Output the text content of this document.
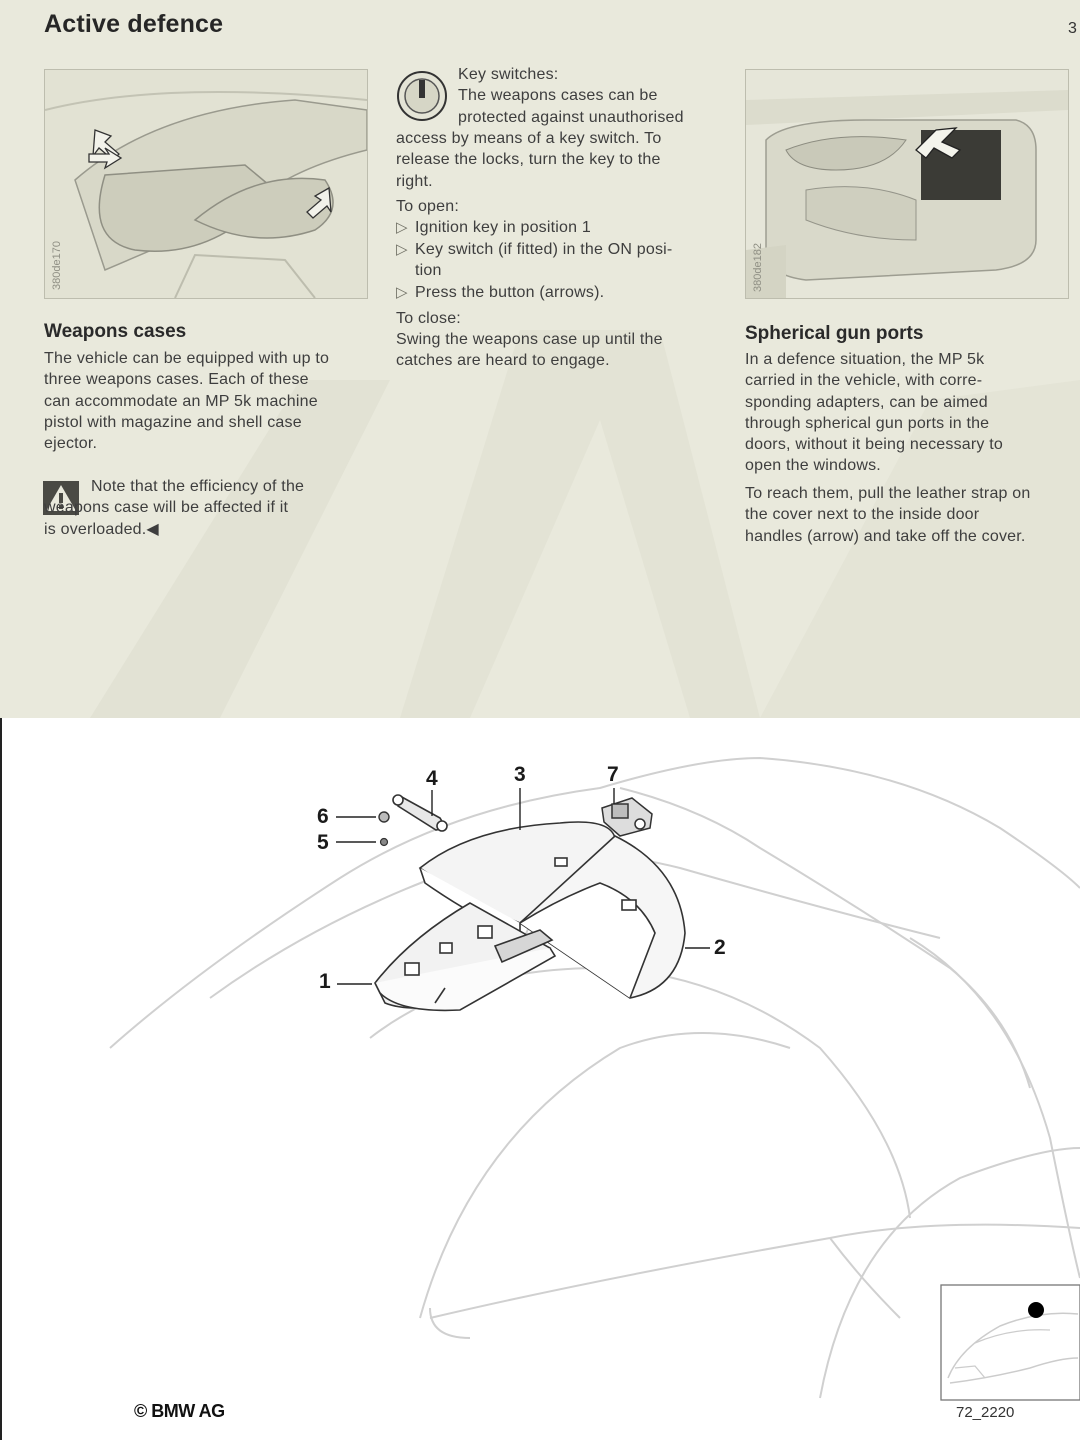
Active defence	3
380de170	380de182
Weapons cases
The vehicle can be equipped with up to
three weapons cases. Each of these
can accommodate an MP 5k machine
pistol with magazine and shell case
ejector.
Note that the efficiency of the
weapons case will be affected if it
is overloaded.◀
Key switches:
The weapons cases can be
protected against unauthorised
access by means of a key switch. To
release the locks, turn the key to the
right.
To open:
▷ Ignition key in position 1
▷ Key switch (if fitted) in the ON posi-
tion
▷ Press the button (arrows).
To close:
Swing the weapons case up until the
catches are heard to engage.
Spherical gun ports
In a defence situation, the MP 5k
carried in the vehicle, with corre-
sponding adapters, can be aimed
through spherical gun ports in the
doors, without it being necessary to
open the windows.
To reach them, pull the leather strap on
the cover next to the inside door
handles (arrow) and take off the cover.
1
2
3
4
5
6
7
© BMW AG	72_2220
